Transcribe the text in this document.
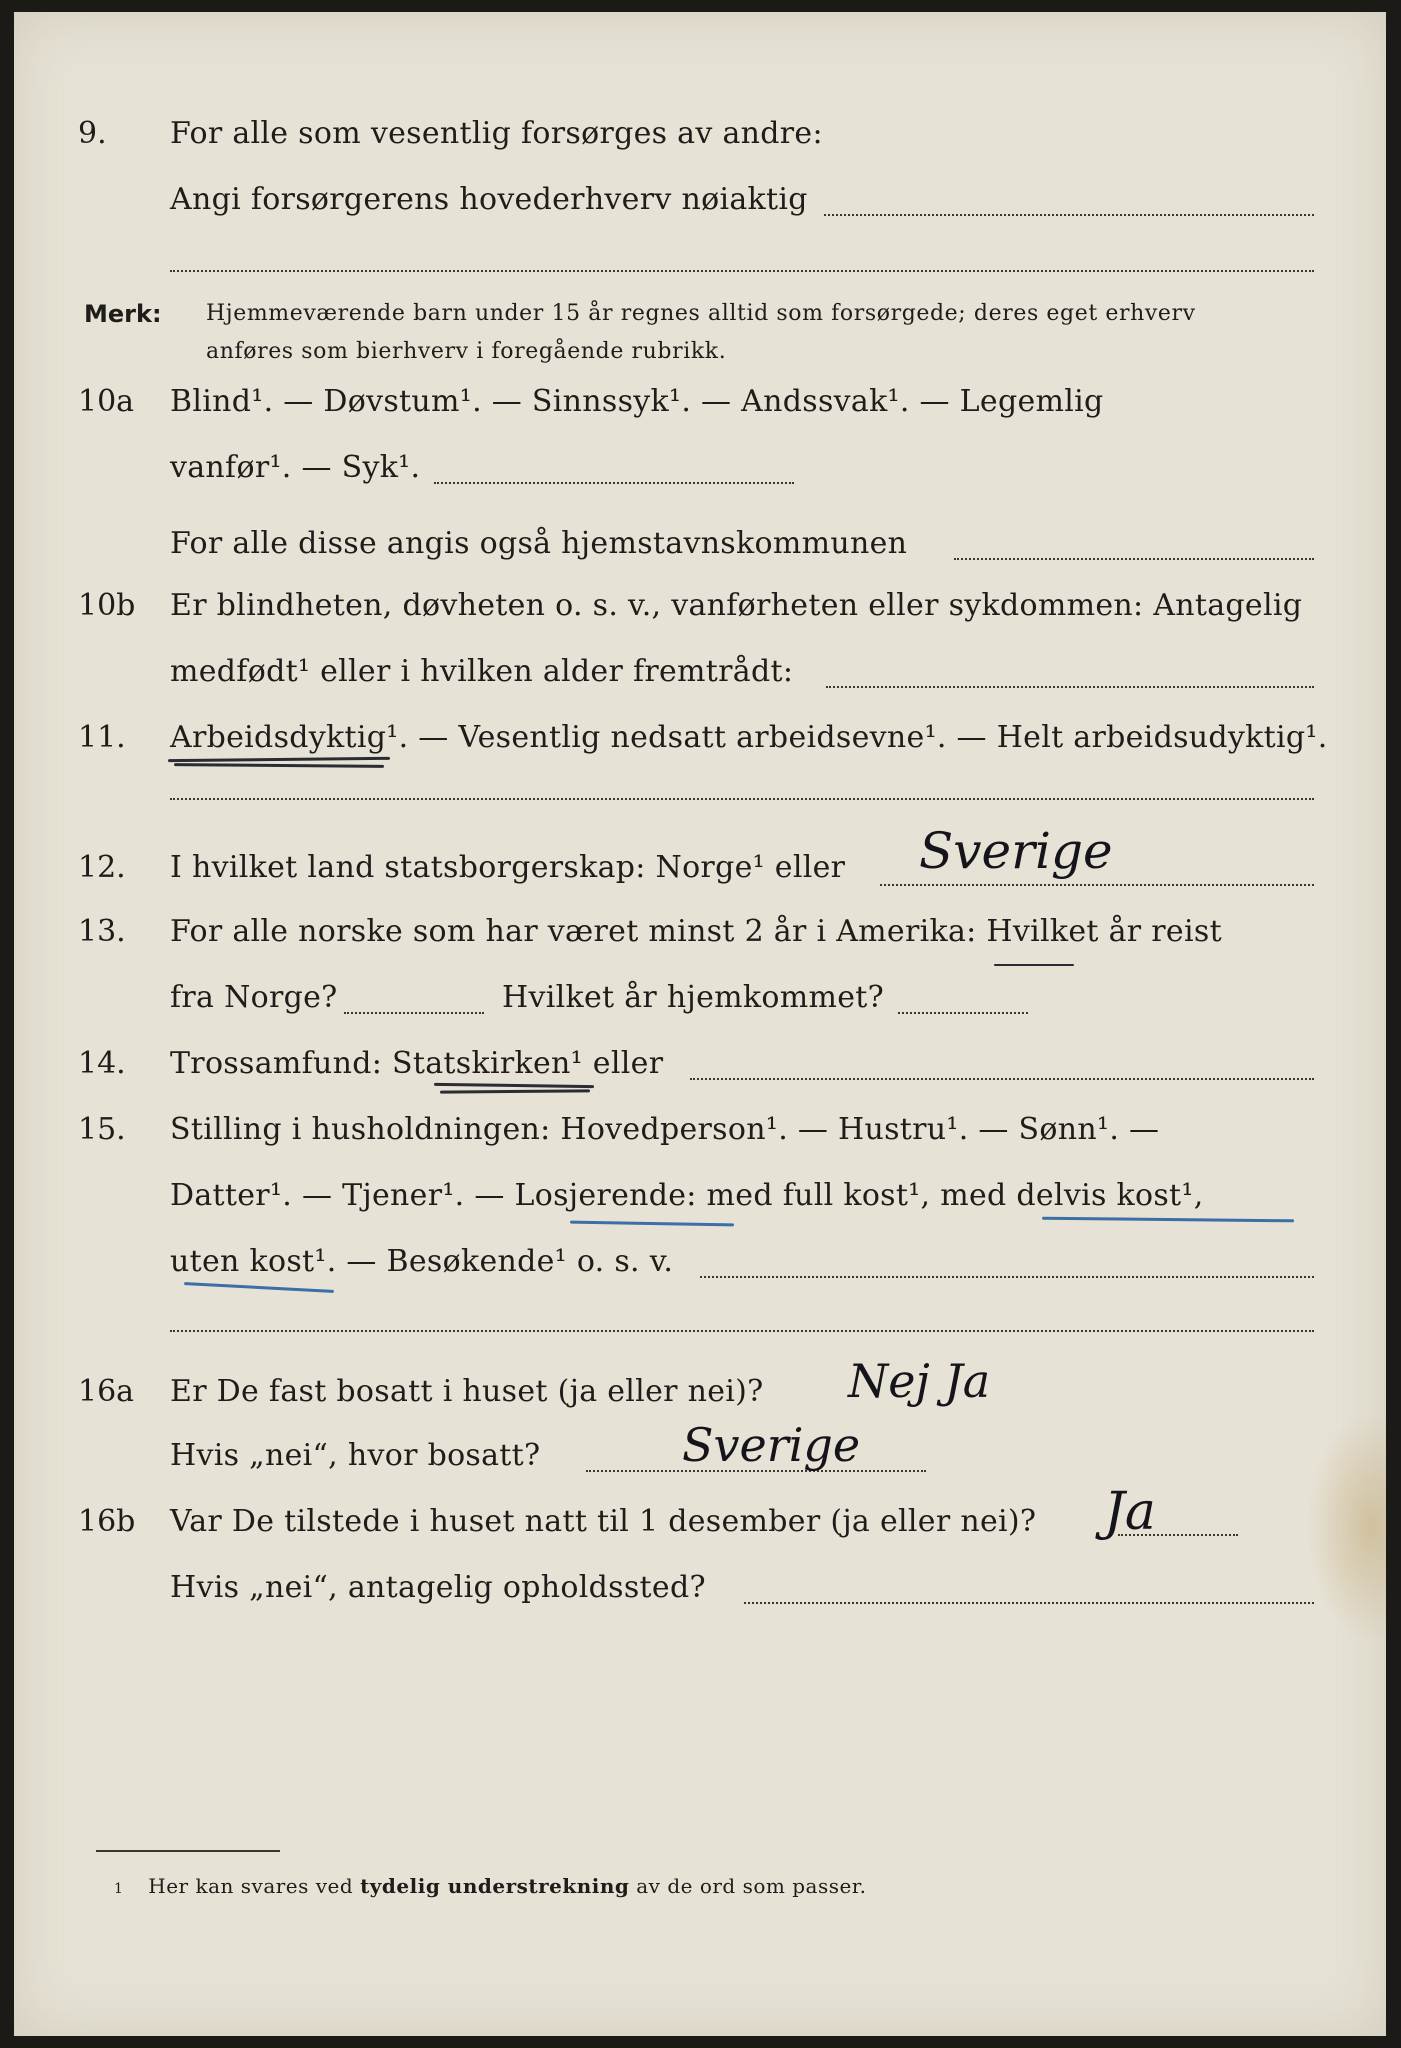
9. For alle som vesentlig forsørges av andre:
Angi forsørgerens hovederhverv nøiaktig
Merk: Hjemmeværende barn under 15 år regnes alltid som forsørgede; deres eget erhverv
anføres som bierhverv i foregående rubrikk.
10a Blind¹. — Døvstum¹. — Sinnssyk¹. — Andssvak¹. — Legemlig
vanfør¹. — Syk¹.
For alle disse angis også hjemstavnskommunen
10b Er blindheten, døvheten o. s. v., vanførheten eller sykdommen: Antagelig
medfødt¹ eller i hvilken alder fremtrådt:
11. Arbeidsdyktig¹. — Vesentlig nedsatt arbeidsevne¹. — Helt arbeidsudyktig¹.
12. I hvilket land statsborgerskap: Norge¹ eller Sverige
13. For alle norske som har været minst 2 år i Amerika: Hvilket år reist
fra Norge?	Hvilket år hjemkommet?
14. Trossamfund: Statskirken¹ eller
15. Stilling i husholdningen: Hovedperson¹. — Hustru¹. — Sønn¹. —
Datter¹. — Tjener¹. — Losjerende: med full kost¹, med delvis kost¹,
uten kost¹. — Besøkende¹ o. s. v.
16a Er De fast bosatt i huset (ja eller nei)? Nej Ja
Hvis „nei“, hvor bosatt?	Sverige
16b Var De tilstede i huset natt til 1 desember (ja eller nei)? Ja
Hvis „nei“, antagelig opholdssted?
1 Her kan svares ved tydelig understrekning av de ord som passer.
